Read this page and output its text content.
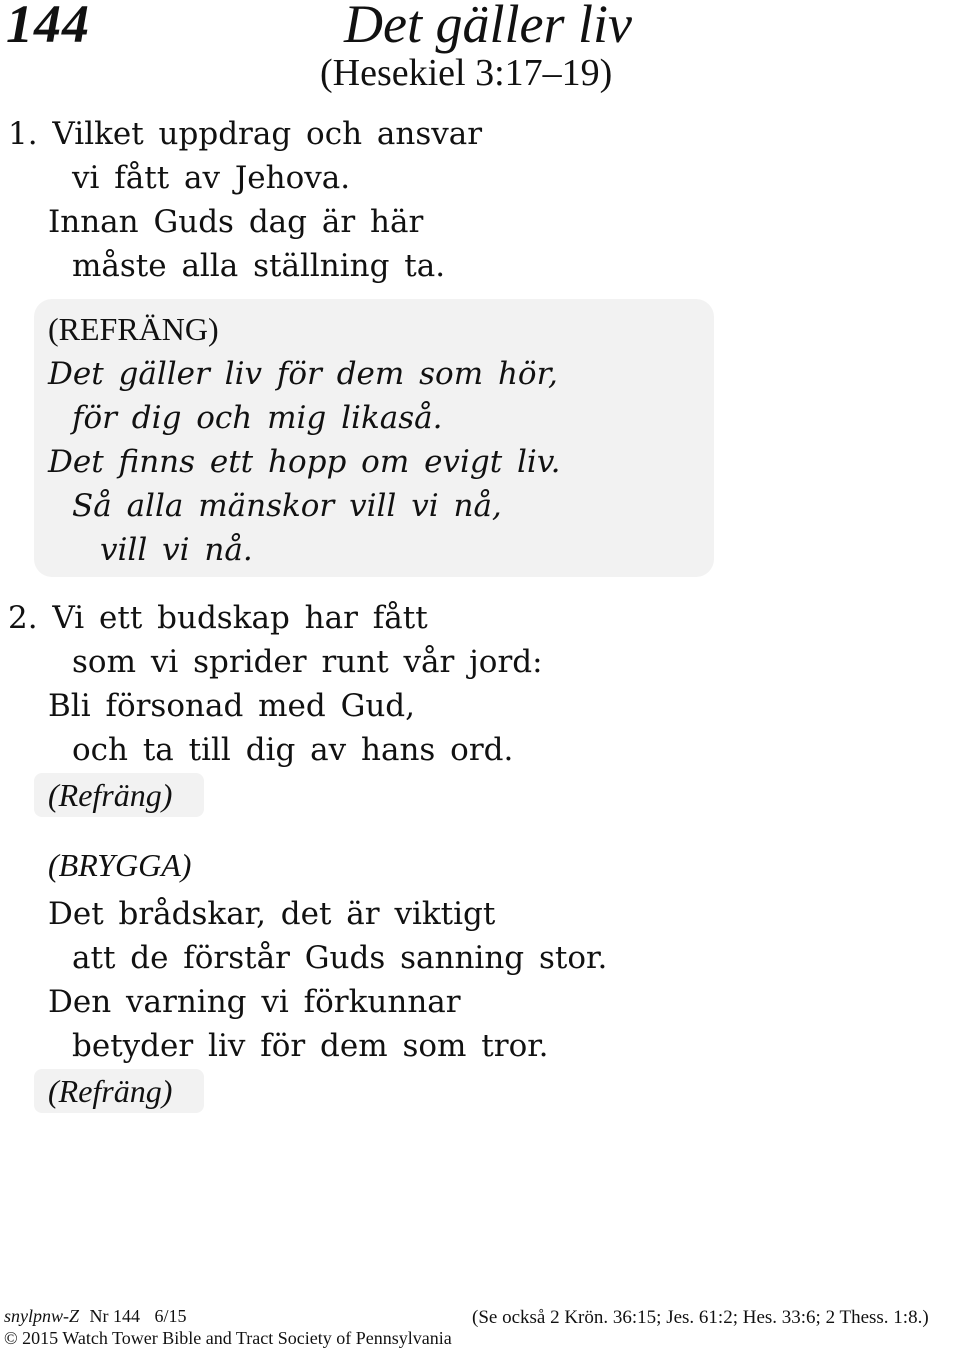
144	Det gäller liv
(Hesekiel 3:17–19)
1. Vilket uppdrag och ansvar
vi fått av Jehova.
Innan Guds dag är här
måste alla ställning ta.
(REFRÄNG)
Det gäller liv för dem som hör,
för dig och mig likaså.
Det finns ett hopp om evigt liv.
Så alla mänskor vill vi nå,
vill vi nå.
2. Vi ett budskap har fått
som vi sprider runt vår jord:
Bli försonad med Gud,
och ta till dig av hans ord.
(Refräng)
(BRYGGA)
Det brådskar, det är viktigt
att de förstår Guds sanning stor.
Den varning vi förkunnar
betyder liv för dem som tror.
(Refräng)
snylpnw-Z Nr 144 6/15
© 2015 Watch Tower Bible and Tract Society of Pennsylvania
(Se också 2 Krön. 36:15; Jes. 61:2; Hes. 33:6; 2 Thess. 1:8.)
